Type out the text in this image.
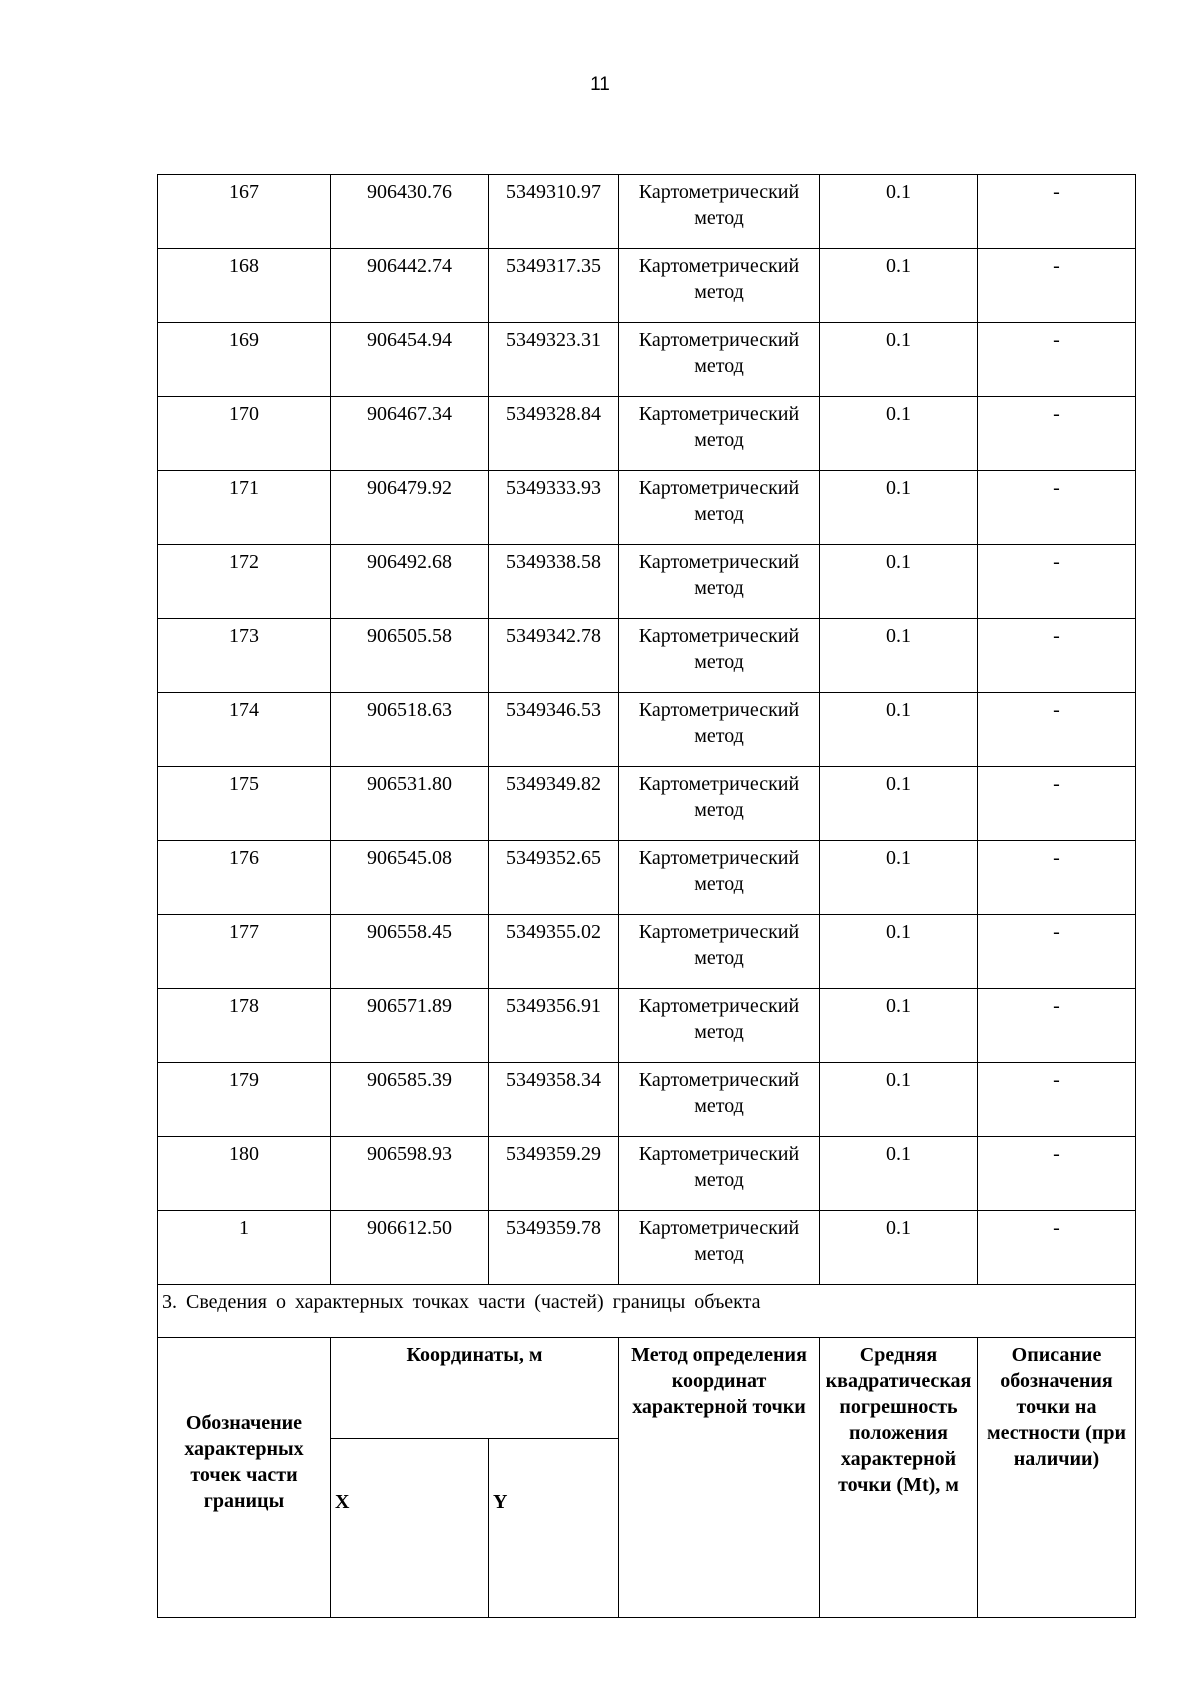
11
167	906430.76	5349310.97	Картометрический метод	0.1	-
168	906442.74	5349317.35	Картометрический метод	0.1	-
169	906454.94	5349323.31	Картометрический метод	0.1	-
170	906467.34	5349328.84	Картометрический метод	0.1	-
171	906479.92	5349333.93	Картометрический метод	0.1	-
172	906492.68	5349338.58	Картометрический метод	0.1	-
173	906505.58	5349342.78	Картометрический метод	0.1	-
174	906518.63	5349346.53	Картометрический метод	0.1	-
175	906531.80	5349349.82	Картометрический метод	0.1	-
176	906545.08	5349352.65	Картометрический метод	0.1	-
177	906558.45	5349355.02	Картометрический метод	0.1	-
178	906571.89	5349356.91	Картометрический метод	0.1	-
179	906585.39	5349358.34	Картометрический метод	0.1	-
180	906598.93	5349359.29	Картометрический метод	0.1	-
1	906612.50	5349359.78	Картометрический метод	0.1	-
3. Сведения о характерных точках части (частей) границы объекта					
Обозначение характерных точек части границы	Координаты, м		Метод определения координат характерной точки	Средняя квадратическая погрешность положения характерной точки (Mt), м	Описание обозначения точки на местности (при наличии)
	X	Y			
